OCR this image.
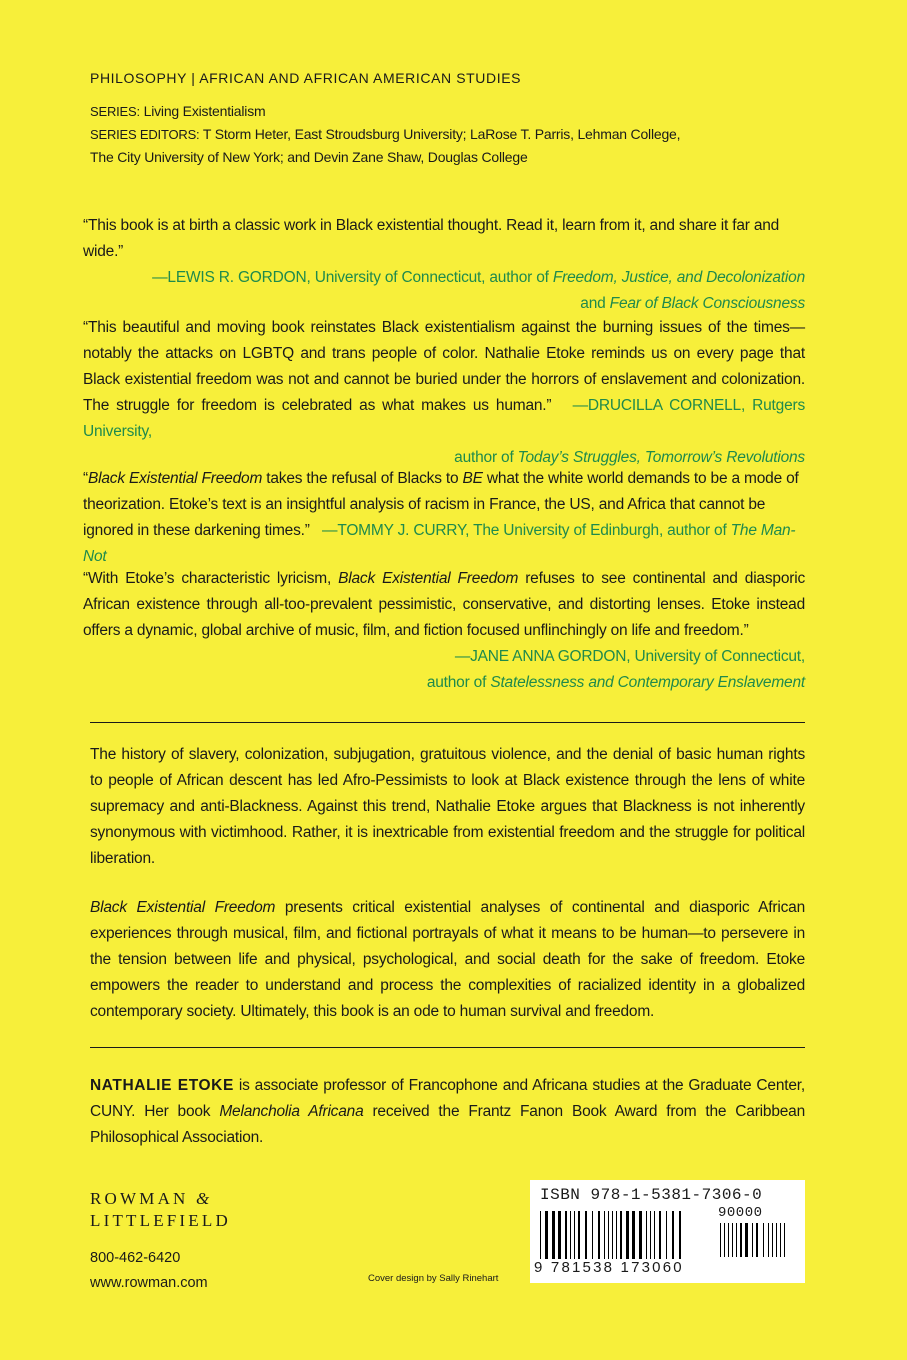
PHILOSOPHY | AFRICAN AND AFRICAN AMERICAN STUDIES

SERIES: Living Existentialism

SERIES EDITORS: T Storm Heter, East Stroudsburg University; LaRose T. Parris, Lehman College,

The City University of New York; and Devin Zane Shaw, Douglas College

“This book is at birth a classic work in Black existential thought. Read it, learn from it, and share it far and wide.”

—LEWIS R. GORDON, University of Connecticut, author of Freedom, Justice, and Decolonization

and Fear of Black Consciousness

“This beautiful and moving book reinstates Black existentialism against the burning issues of the times—notably the attacks on LGBTQ and trans people of color. Nathalie Etoke reminds us on every page that Black existential freedom was not and cannot be buried under the horrors of enslavement and colonization. The struggle for freedom is celebrated as what makes us human.” —DRUCILLA CORNELL, Rutgers University,

author of Today’s Struggles, Tomorrow’s Revolutions

“Black Existential Freedom takes the refusal of Blacks to BE what the white world demands to be a mode of theorization. Etoke’s text is an insightful analysis of racism in France, the US, and Africa that cannot be ignored in these darkening times.” —TOMMY J. CURRY, The University of Edinburgh, author of The Man-Not

“With Etoke’s characteristic lyricism, Black Existential Freedom refuses to see continental and diasporic African existence through all-too-prevalent pessimistic, conservative, and distorting lenses. Etoke instead offers a dynamic, global archive of music, film, and fiction focused unflinchingly on life and freedom.”

—JANE ANNA GORDON, University of Connecticut,

author of Statelessness and Contemporary Enslavement

The history of slavery, colonization, subjugation, gratuitous violence, and the denial of basic human rights to people of African descent has led Afro-Pessimists to look at Black existence through the lens of white supremacy and anti-Blackness. Against this trend, Nathalie Etoke argues that Blackness is not inherently synonymous with victimhood. Rather, it is inextricable from existential freedom and the struggle for political liberation.

Black Existential Freedom presents critical existential analyses of continental and diasporic African experiences through musical, film, and fictional portrayals of what it means to be human—to persevere in the tension between life and physical, psychological, and social death for the sake of freedom. Etoke empowers the reader to understand and process the complexities of racialized identity in a globalized contemporary society. Ultimately, this book is an ode to human survival and freedom.

NATHALIE ETOKE is associate professor of Francophone and Africana studies at the Graduate Center, CUNY. Her book Melancholia Africana received the Frantz Fanon Book Award from the Caribbean Philosophical Association.

ROWMAN &
LITTLEFIELD
800-462-6420
www.rowman.com	Cover design by Sally Rinehart
ISBN 978-1-5381-7306-0
90000
9 781538 173060
